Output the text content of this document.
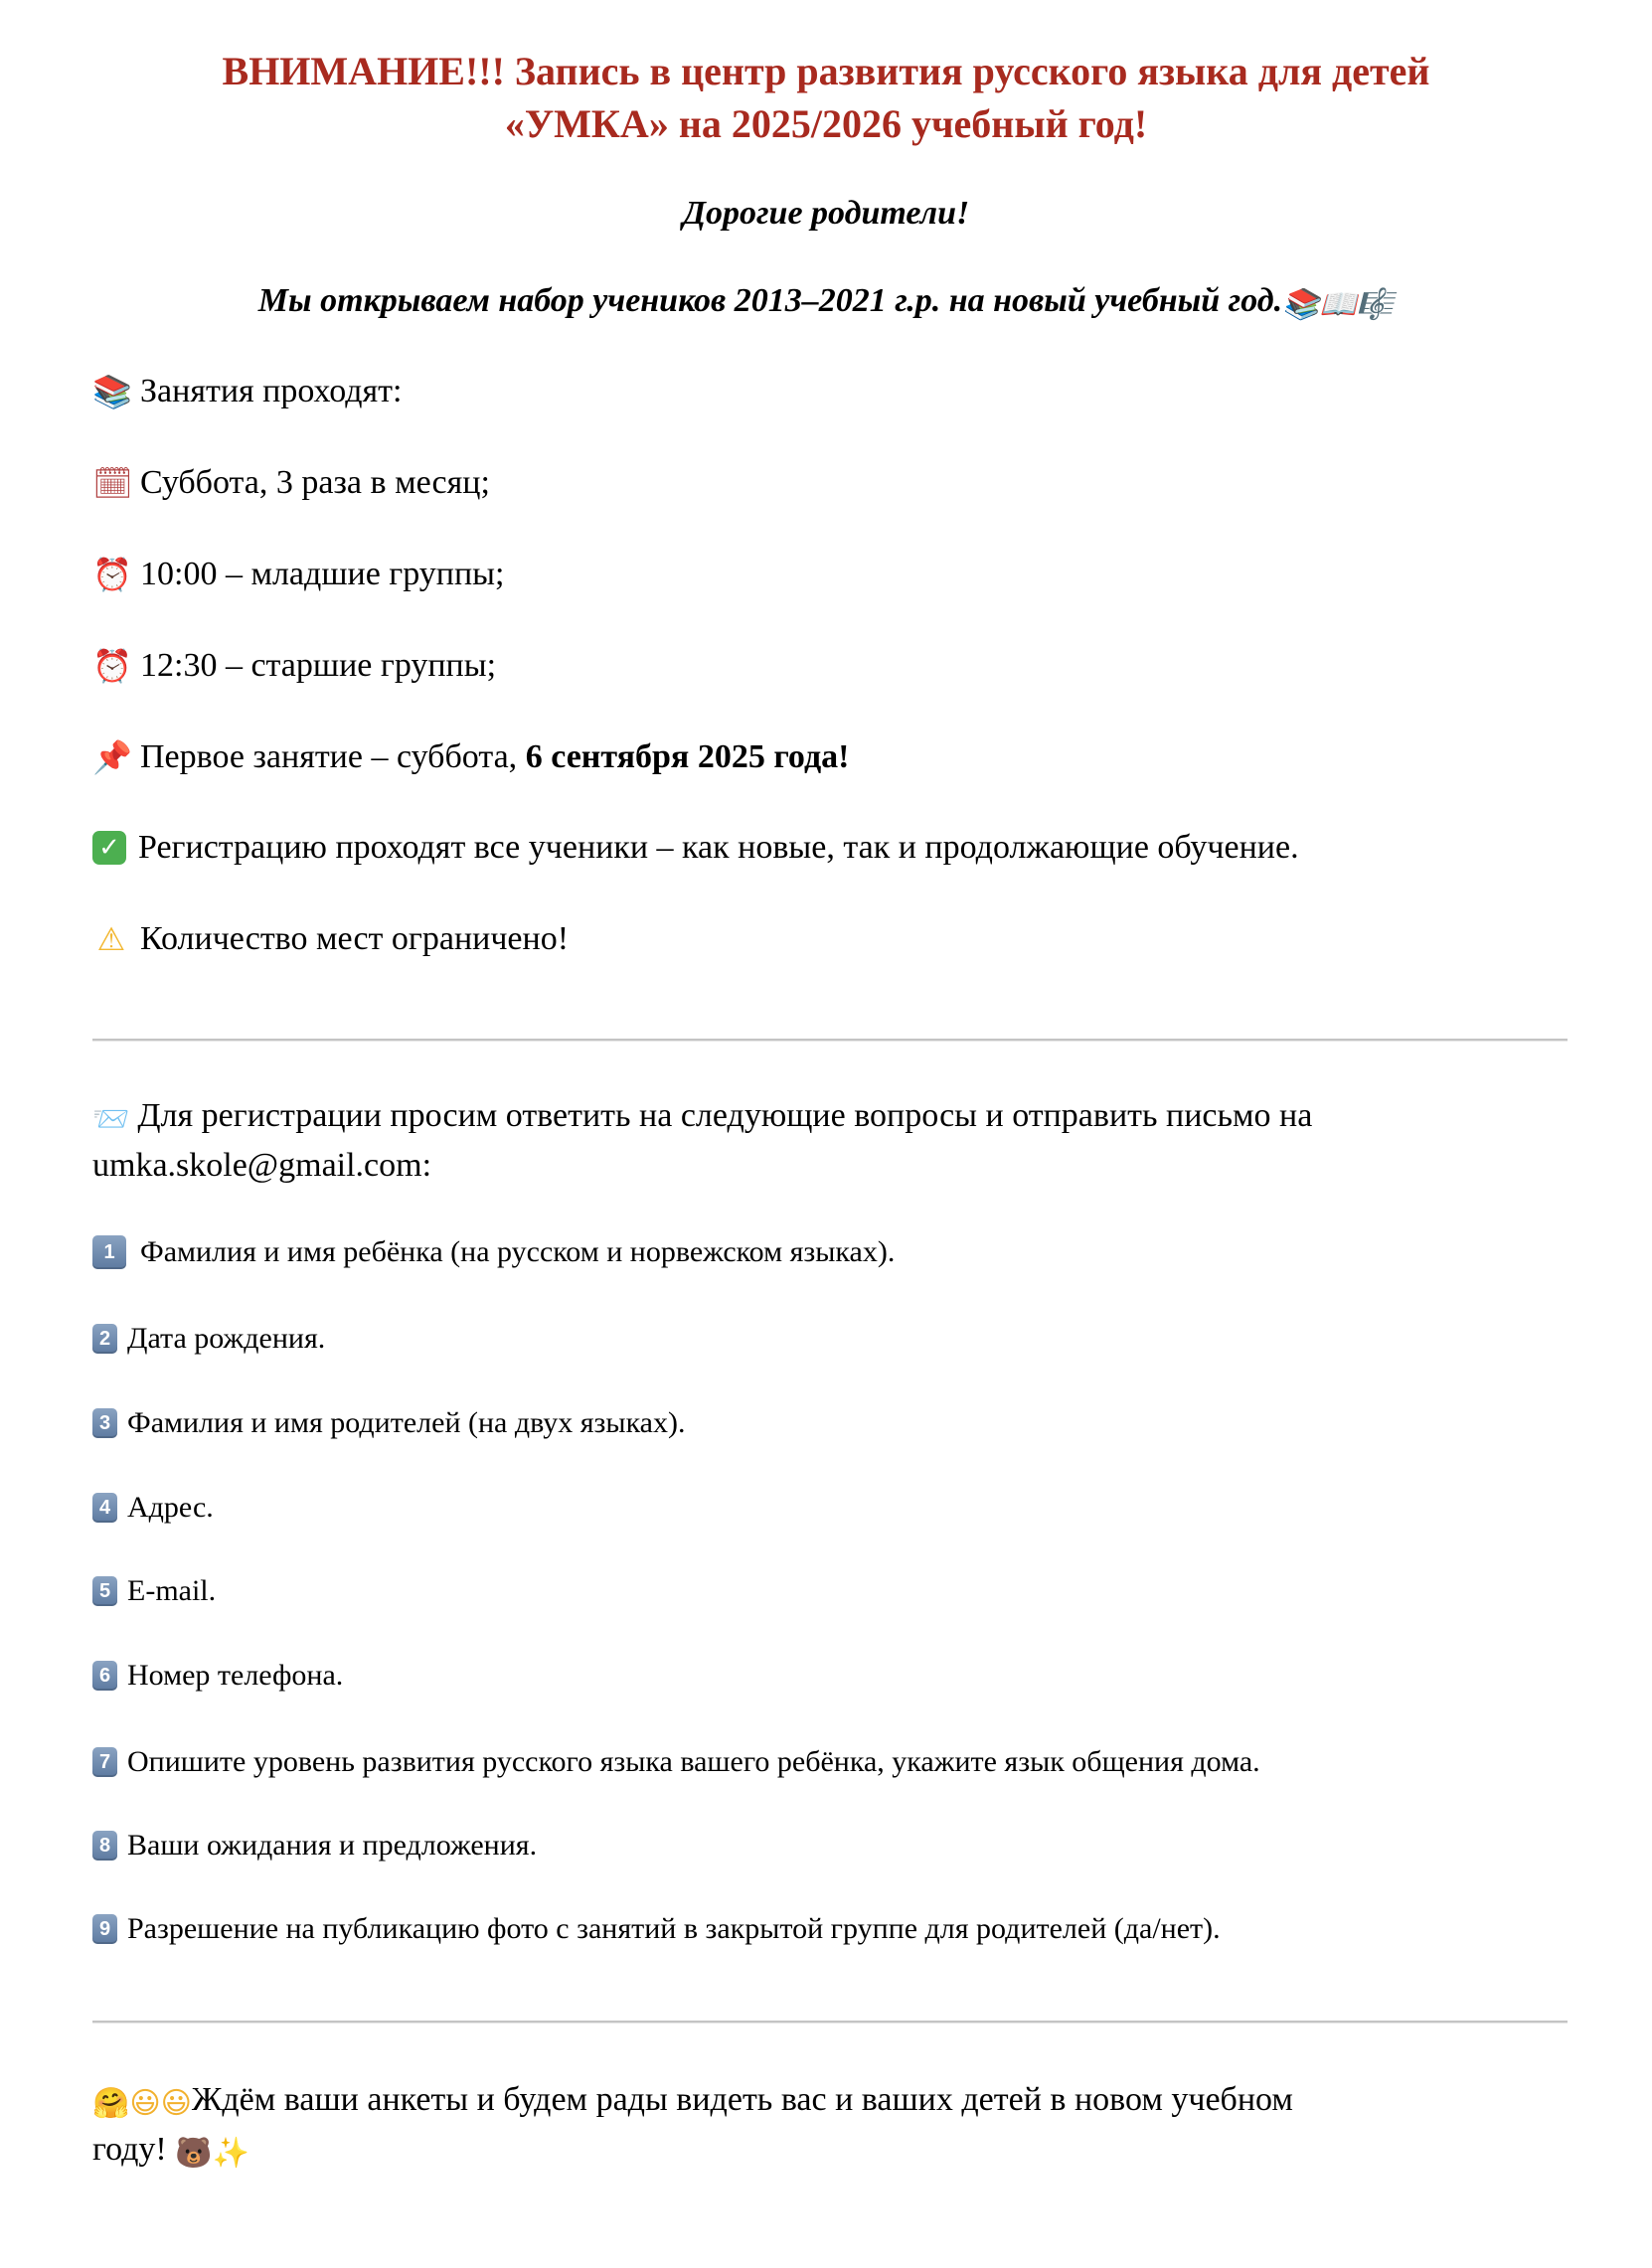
ВНИМАНИЕ!!! Запись в центр развития русского языка для детей
«УМКА» на 2025/2026 учебный год!
Дорогие родители!
Мы открываем набор учеников 2013–2021 г.р. на новый учебный год.📚📖🎼
📚 Занятия проходят:
🗓 Суббота, 3 раза в месяц;
⏰ 10:00 – младшие группы;
⏰ 12:30 – старшие группы;
📌 Первое занятие – суббота, 6 сентября 2025 года!
✓ Регистрацию проходят все ученики – как новые, так и продолжающие обучение.
⚠ Количество мест ограничено!
📨 Для регистрации просим ответить на следующие вопросы и отправить письмо на
umka.skole@gmail.com:
1 Фамилия и имя ребёнка (на русском и норвежском языках).
2 Дата рождения.
3 Фамилия и имя родителей (на двух языках).
4 Адрес.
5 E-mail.
6 Номер телефона.
7 Опишите уровень развития русского языка вашего ребёнка, укажите язык общения дома.
8 Ваши ожидания и предложения.
9 Разрешение на публикацию фото с занятий в закрытой группе для родителей (да/нет).
🤗😃😃Ждём ваши анкеты и будем рады видеть вас и ваших детей в новом учебном
году! 🐻✨
